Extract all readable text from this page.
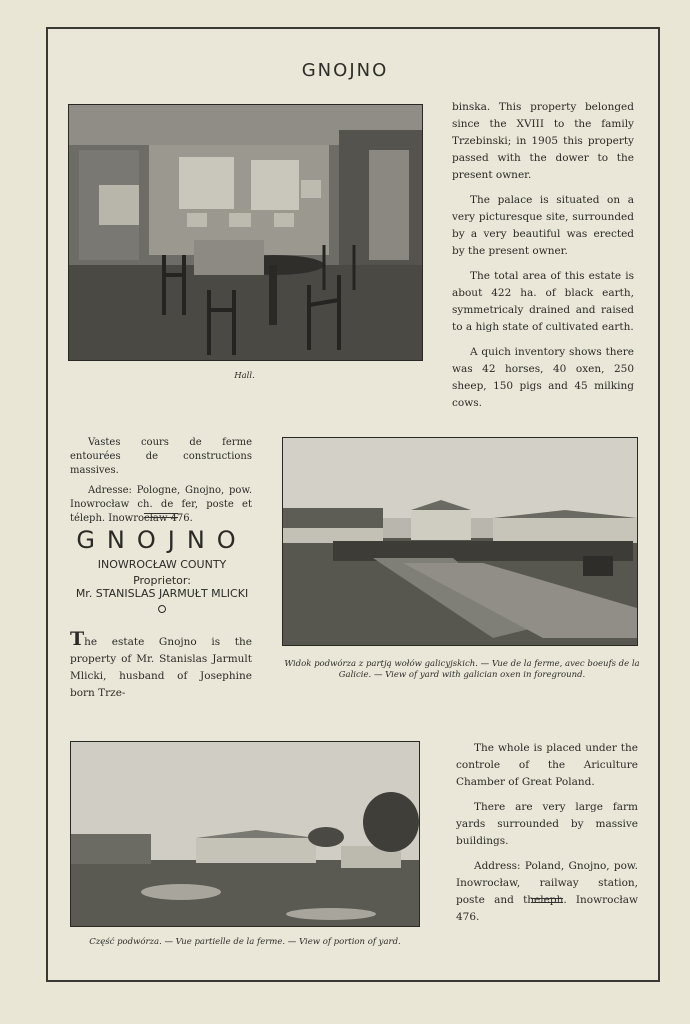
GNOJNO
Hall.

binska. This property belonged since the XVIII to the family Trzebinski; in 1905 this property passed with the dower to the present owner.

The palace is situated on a very picturesque site, surrounded by a very beautiful was erected by the present owner.

The total area of this estate is about 422 ha. of black earth, symmetricaly drained and raised to a high state of cultivated earth.

A quich inventory shows there was 42 horses, 40 oxen, 250 sheep, 150 pigs and 45 milking cows.

Vastes cours de ferme entourées de constructions massives.

Adresse: Pologne, Gnojno, pow. Inowrocław ch. de fer, poste et téleph. Inowrocław 476.

GNOJNO
INOWROCŁAW COUNTY
Proprietor:
Mr. STANISLAS JARMUŁT MLICKI
⭘

The estate Gnojno is the property of Mr. Stanislas Jarmult Mlicki, husband of Josephine born Trze-

Widok podwórza z partją wołów galicyjskich. — Vue de la ferme, avec boeufs de la Galicie. — View of yard with galician oxen in foreground.
Część podwórza. — Vue partielle de la ferme. — View of portion of yard.

The whole is placed under the controle of the Ariculture Chamber of Great Poland.

There are very large farm yards surrounded by massive buildings.

Address: Poland, Gnojno, pow. Inowrocław, railway station, poste and theleph. Inowrocław 476.
